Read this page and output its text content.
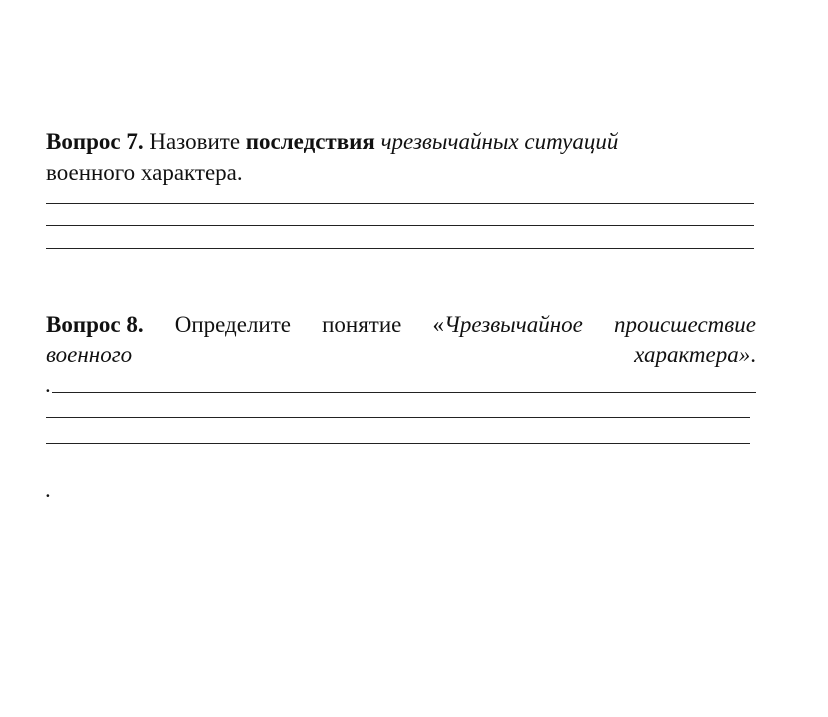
Вопрос 7. Назовите последствия чрезвычайных ситуаций
военного характера.
Вопрос 8. Определите понятие «Чрезвычайное происшествие
военного	характера».
.
.
